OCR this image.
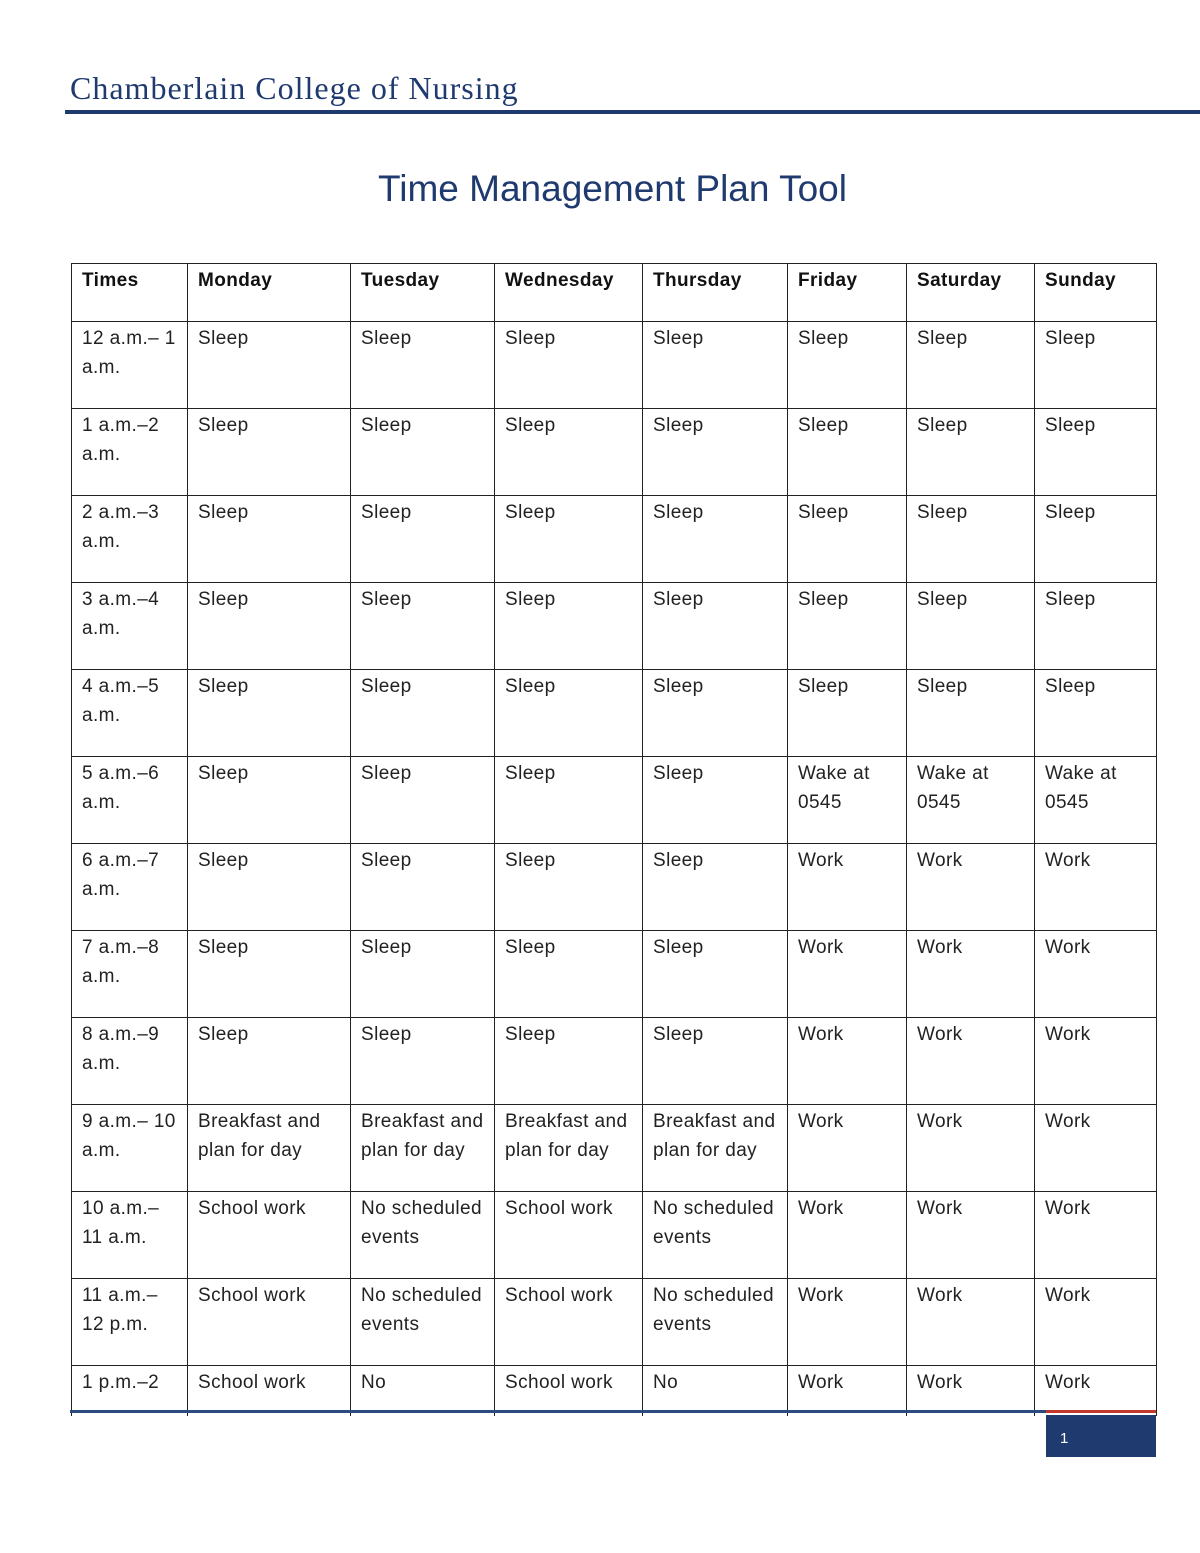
Chamberlain College of Nursing
Time Management Plan Tool
Times	Monday	Tuesday	Wednesday	Thursday	Friday	Saturday	Sunday
12 a.m.– 1 a.m.	Sleep	Sleep	Sleep	Sleep	Sleep	Sleep	Sleep
1 a.m.–2 a.m.	Sleep	Sleep	Sleep	Sleep	Sleep	Sleep	Sleep
2 a.m.–3 a.m.	Sleep	Sleep	Sleep	Sleep	Sleep	Sleep	Sleep
3 a.m.–4 a.m.	Sleep	Sleep	Sleep	Sleep	Sleep	Sleep	Sleep
4 a.m.–5 a.m.	Sleep	Sleep	Sleep	Sleep	Sleep	Sleep	Sleep
5 a.m.–6 a.m.	Sleep	Sleep	Sleep	Sleep	Wake at 0545	Wake at 0545	Wake at 0545
6 a.m.–7 a.m.	Sleep	Sleep	Sleep	Sleep	Work	Work	Work
7 a.m.–8 a.m.	Sleep	Sleep	Sleep	Sleep	Work	Work	Work
8 a.m.–9 a.m.	Sleep	Sleep	Sleep	Sleep	Work	Work	Work
9 a.m.– 10 a.m.	Breakfast and plan for day	Breakfast and plan for day	Breakfast and plan for day	Breakfast and plan for day	Work	Work	Work
10 a.m.– 11 a.m.	School work	No scheduled events	School work	No scheduled events	Work	Work	Work
11 a.m.– 12 p.m.	School work	No scheduled events	School work	No scheduled events	Work	Work	Work
1 p.m.–2	School work	No	School work	No	Work	Work	Work
1
